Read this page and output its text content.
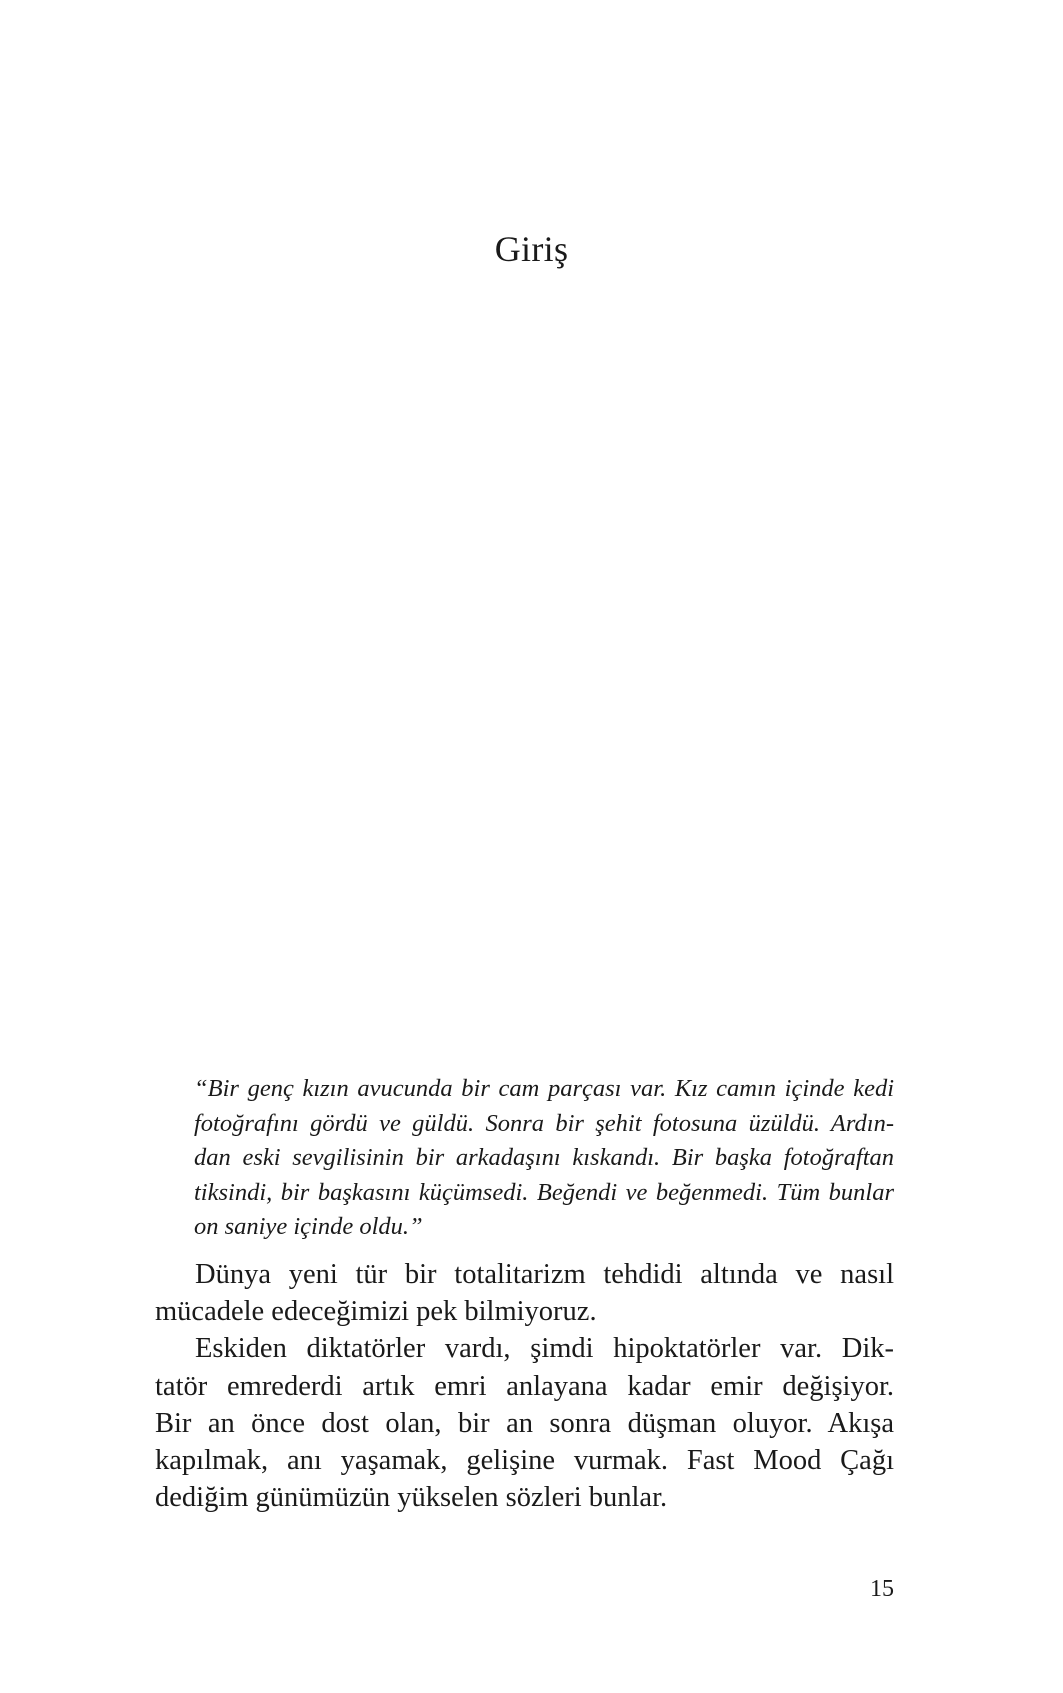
Giriş
“Bir genç kızın avucunda bir cam parçası var. Kız camın içinde kedi
fotoğrafını gördü ve güldü. Sonra bir şehit fotosuna üzüldü. Ardın-
dan eski sevgilisinin bir arkadaşını kıskandı. Bir başka fotoğraftan
tiksindi, bir başkasını küçümsedi. Beğendi ve beğenmedi. Tüm bunlar
on saniye içinde oldu.”
Dünya yeni tür bir totalitarizm tehdidi altında ve nasıl
mücadele edeceğimizi pek bilmiyoruz.
Eskiden diktatörler vardı, şimdi hipoktatörler var. Dik-
tatör emrederdi artık emri anlayana kadar emir değişiyor.
Bir an önce dost olan, bir an sonra düşman oluyor. Akışa
kapılmak, anı yaşamak, gelişine vurmak. Fast Mood Çağı
dediğim günümüzün yükselen sözleri bunlar.
15
